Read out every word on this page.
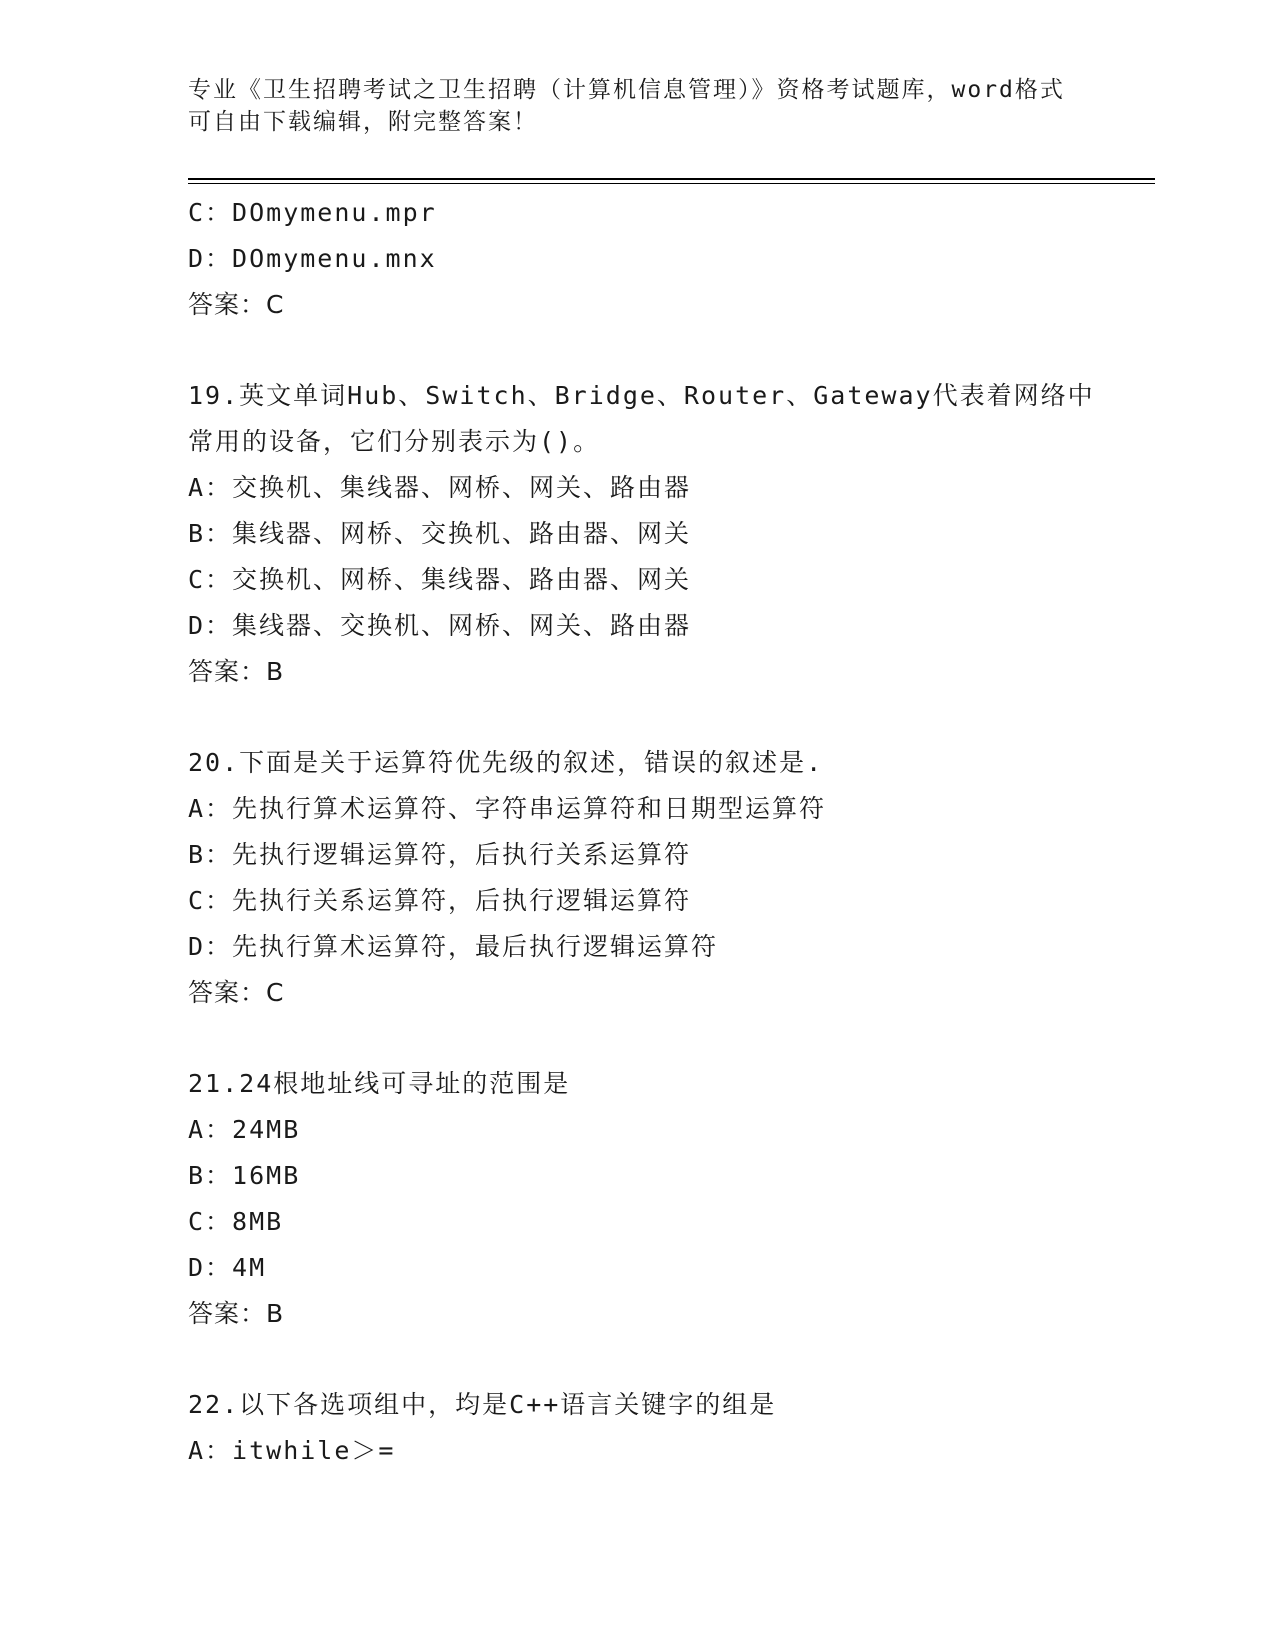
专业《卫生招聘考试之卫生招聘（计算机信息管理）》资格考试题库，word格式
可自由下载编辑，附完整答案！
C：DOmymenu.mpr
D：DOmymenu.mnx
答案：C
19.英文单词Hub、Switch、Bridge、Router、Gateway代表着网络中
常用的设备，它们分别表示为()。
A：交换机、集线器、网桥、网关、路由器
B：集线器、网桥、交换机、路由器、网关
C：交换机、网桥、集线器、路由器、网关
D：集线器、交换机、网桥、网关、路由器
答案：B
20.下面是关于运算符优先级的叙述，错误的叙述是.
A：先执行算术运算符、字符串运算符和日期型运算符
B：先执行逻辑运算符，后执行关系运算符
C：先执行关系运算符，后执行逻辑运算符
D：先执行算术运算符，最后执行逻辑运算符
答案：C
21.24根地址线可寻址的范围是
A：24MB
B：16MB
C：8MB
D：4M
答案：B
22.以下各选项组中，均是C++语言关键字的组是
A：itwhile＞=
